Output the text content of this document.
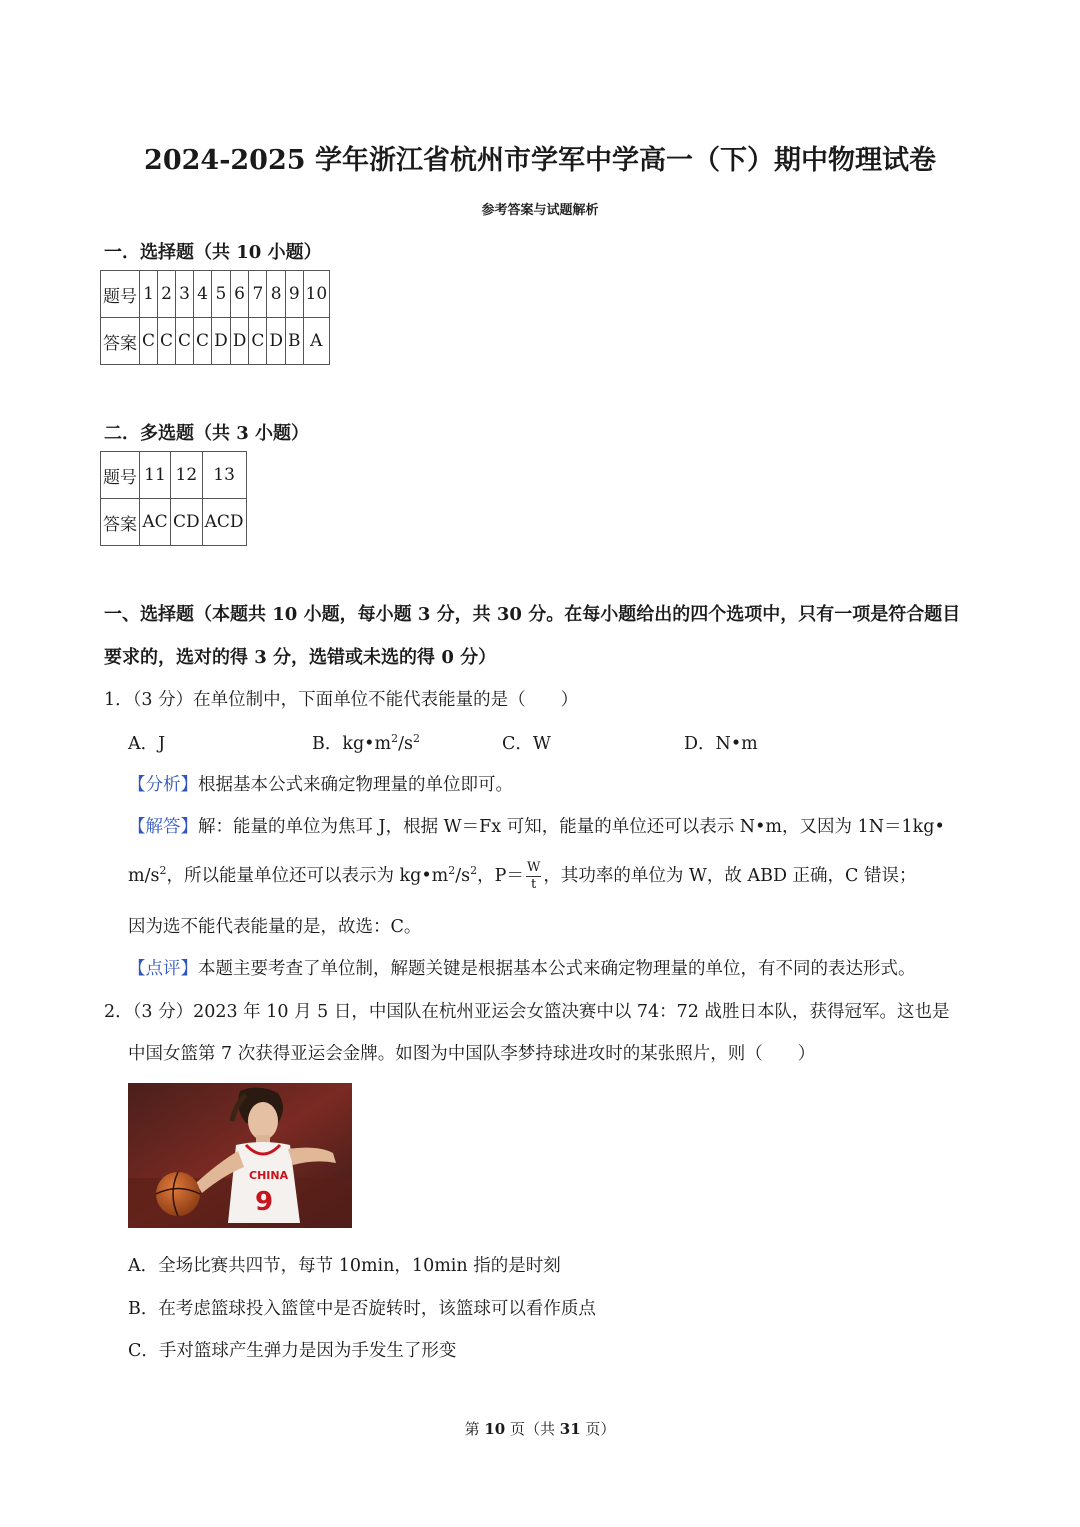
2024-2025 学年浙江省杭州市学军中学高一（下）期中物理试卷
参考答案与试题解析
一．选择题（共 10 小题）
题号	1	2	3	4	5	6	7	8	9	10
答案	C	C	C	C	D	D	C	D	B	A
二．多选题（共 3 小题）
题号	11	12	13
答案	AC	CD	ACD
一、选择题（本题共 10 小题，每小题 3 分，共 30 分。在每小题给出的四个选项中，只有一项是符合题目
要求的，选对的得 3 分，选错或未选的得 0 分）
1．（3 分）在单位制中，下面单位不能代表能量的是（　　）
A．J	B．$kg•m^2/s^2$	C．W	D．N•m
【分析】根据基本公式来确定物理量的单位即可。
【解答】解：能量的单位为焦耳 J，根据 W＝Fx 可知，能量的单位还可以表示 N•m，又因为 1N＝1kg•
$m/s^2$，所以能量单位还可以表示为 $kg•m^2/s^2$，$P= \frac{W}{t}$ ，其功率的单位为 W，故 ABD 正确，C 错误；
因为选不能代表能量的是，故选：C。
【点评】本题主要考查了单位制，解题关键是根据基本公式来确定物理量的单位，有不同的表达形式。
2．（3 分）2023 年 10 月 5 日，中国队在杭州亚运会女篮决赛中以 74：72 战胜日本队，获得冠军。这也是
中国女篮第 7 次获得亚运会金牌。如图为中国队李梦持球进攻时的某张照片，则（　　）
CHINA
9
A．全场比赛共四节，每节 10min，10min 指的是时刻
B．在考虑篮球投入篮筐中是否旋转时，该篮球可以看作质点
C．手对篮球产生弹力是因为手发生了形变
第 10 页（共 31 页）
